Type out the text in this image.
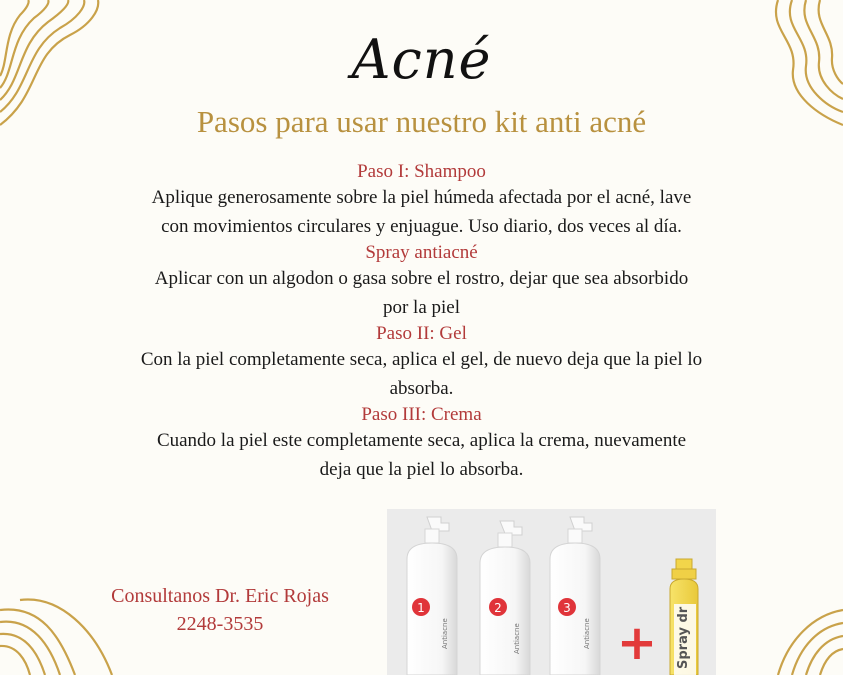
Acné
Pasos para usar nuestro kit anti acné

Paso I: Shampoo

Aplique generosamente sobre la piel húmeda afectada por el acné, lave
con movimientos circulares y enjuague. Uso diario, dos veces al día.

Spray antiacné

Aplicar con un algodon o gasa sobre el rostro, dejar que sea absorbido
por la piel

Paso II: Gel

Con la piel completamente seca, aplica el gel, de nuevo deja que la piel lo
absorba.

Paso III: Crema

Cuando la piel este completamente seca, aplica la crema, nuevamente
deja que la piel lo absorba.

Consultanos Dr. Eric Rojas
2248-3535
1
Antiacne
2
Antiacne
3
Antiacne + Spray dr
